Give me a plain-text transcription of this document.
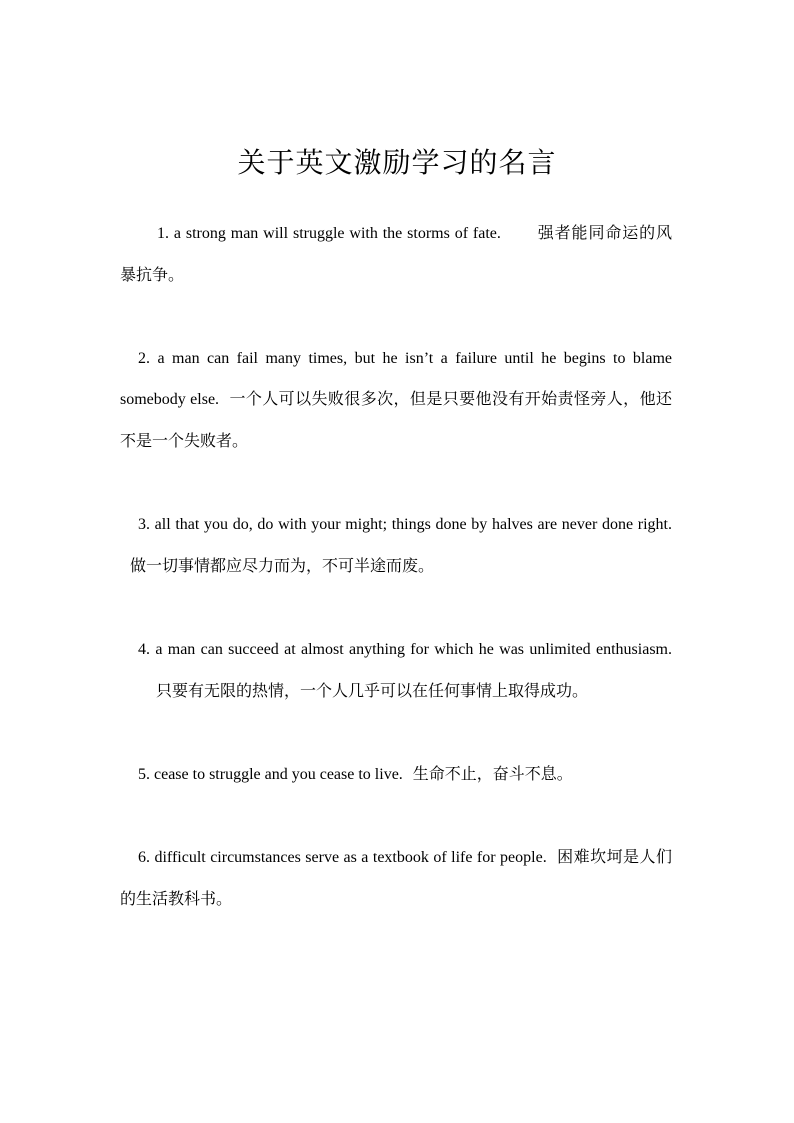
关于英文激励学习的名言

1. a strong man will struggle with the storms of fate. 强者能同命运的风暴抗争。

2. a man can fail many times, but he isn’t a failure until he begins to blame somebody else. 一个人可以失败很多次，但是只要他没有开始责怪旁人，他还不是一个失败者。

3. all that you do, do with your might; things done by halves are never done right.做一切事情都应尽力而为，不可半途而废。

4. a man can succeed at almost anything for which he was unlimited enthusiasm.只要有无限的热情，一个人几乎可以在任何事情上取得成功。

5. cease to struggle and you cease to live. 生命不止，奋斗不息。

6. difficult circumstances serve as a textbook of life for people. 困难坎坷是人们的生活教科书。
